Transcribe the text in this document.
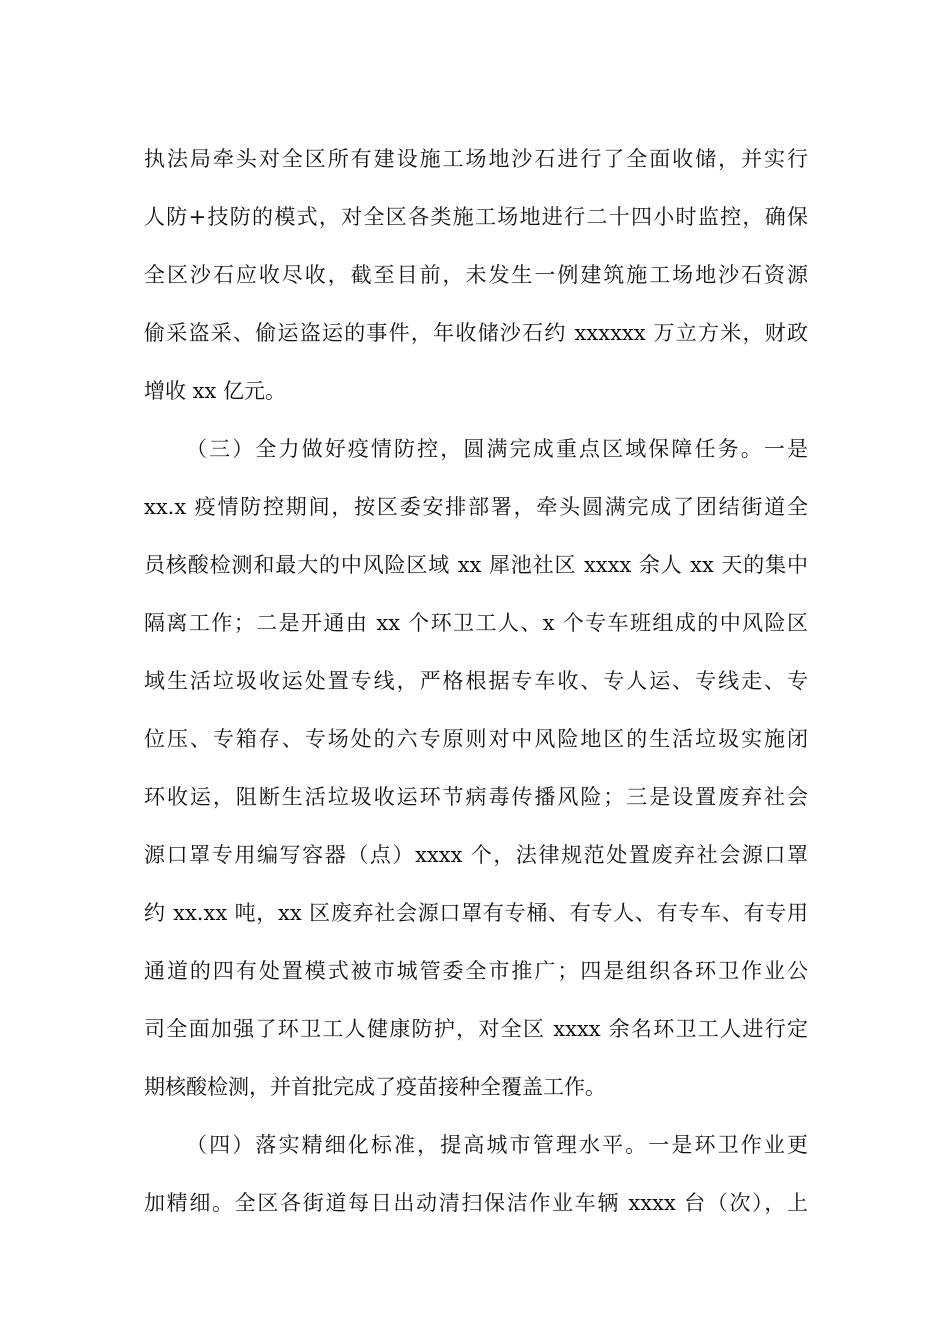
执法局牵头对全区所有建设施工场地沙石进行了全面收储，并实行
人防+技防的模式，对全区各类施工场地进行二十四小时监控，确保
全区沙石应收尽收，截至目前，未发生一例建筑施工场地沙石资源
偷采盗采、偷运盗运的事件，年收储沙石约 xxxxxx 万立方米，财政
增收 xx 亿元。
（三）全力做好疫情防控，圆满完成重点区域保障任务。一是
xx.x 疫情防控期间，按区委安排部署，牵头圆满完成了团结街道全
员核酸检测和最大的中风险区域 xx 犀池社区 xxxx 余人 xx 天的集中
隔离工作；二是开通由 xx 个环卫工人、x 个专车班组成的中风险区
域生活垃圾收运处置专线，严格根据专车收、专人运、专线走、专
位压、专箱存、专场处的六专原则对中风险地区的生活垃圾实施闭
环收运，阻断生活垃圾收运环节病毒传播风险；三是设置废弃社会
源口罩专用编写容器（点）xxxx 个，法律规范处置废弃社会源口罩
约 xx.xx 吨，xx 区废弃社会源口罩有专桶、有专人、有专车、有专用
通道的四有处置模式被市城管委全市推广；四是组织各环卫作业公
司全面加强了环卫工人健康防护，对全区 xxxx 余名环卫工人进行定
期核酸检测，并首批完成了疫苗接种全覆盖工作。
（四）落实精细化标准，提高城市管理水平。一是环卫作业更
加精细。全区各街道每日出动清扫保洁作业车辆 xxxx 台（次），上
